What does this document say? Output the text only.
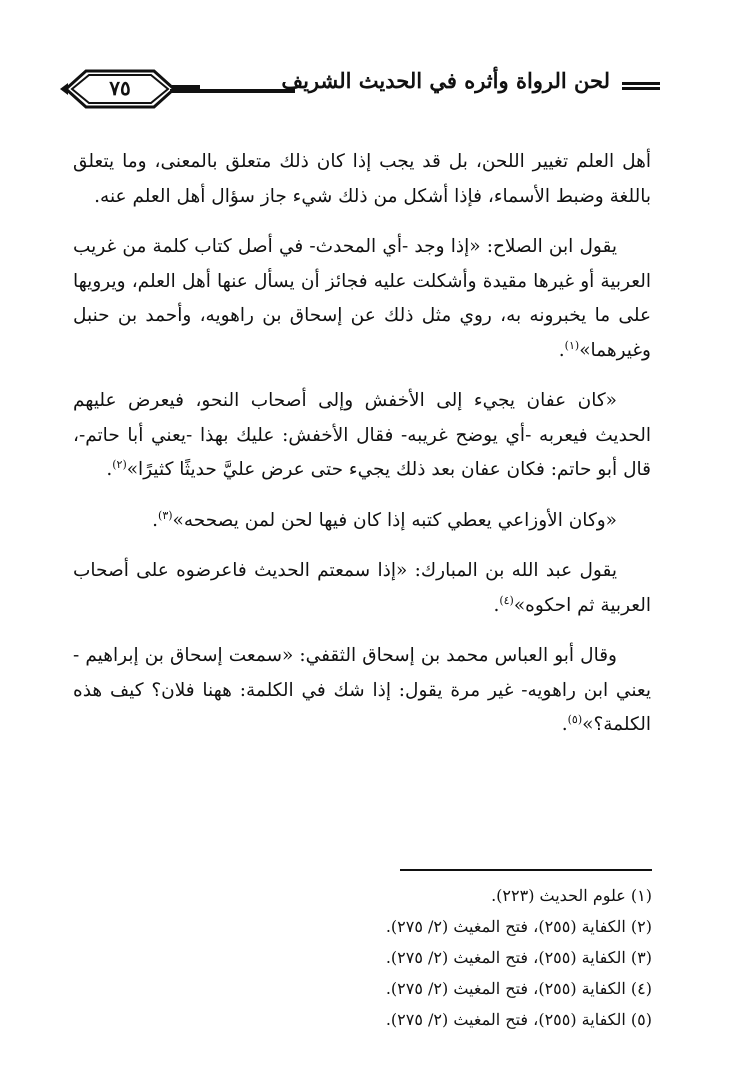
٧٥	لحن الرواة وأثره في الحديث الشريف

أهل العلم تغيير اللحن، بل قد يجب إذا كان ذلك متعلق بالمعنى، وما يتعلق باللغة وضبط الأسماء، فإذا أشكل من ذلك شيء جاز سؤال أهل العلم عنه.

يقول ابن الصلاح: «إذا وجد -أي المحدث- في أصل كتاب كلمة من غريب العربية أو غيرها مقيدة وأشكلت عليه فجائز أن يسأل عنها أهل العلم، ويرويها على ما يخبرونه به، روي مثل ذلك عن إسحاق بن راهويه، وأحمد بن حنبل وغيرهما»$^{(١)}$.

«كان عفان يجيء إلى الأخفش وإلى أصحاب النحو، فيعرض عليهم الحديث فيعربه -أي يوضح غريبه- فقال الأخفش: عليك بهذا -يعني أبا حاتم-، قال أبو حاتم: فكان عفان بعد ذلك يجيء حتى عرض عليَّ حديثًا كثيرًا»$^{(٢)}$.

«وكان الأوزاعي يعطي كتبه إذا كان فيها لحن لمن يصححه»$^{(٣)}$.

يقول عبد الله بن المبارك: «إذا سمعتم الحديث فاعرضوه على أصحاب العربية ثم احكوه»$^{(٤)}$.

وقال أبو العباس محمد بن إسحاق الثقفي: «سمعت إسحاق بن إبراهيم - يعني ابن راهويه- غير مرة يقول: إذا شك في الكلمة: ههنا فلان؟ كيف هذه الكلمة؟»$^{(٥)}$.

(١) علوم الحديث (٢٢٣).
(٢) الكفاية (٢٥٥)، فتح المغيث (٢/ ٢٧٥).
(٣) الكفاية (٢٥٥)، فتح المغيث (٢/ ٢٧٥).
(٤) الكفاية (٢٥٥)، فتح المغيث (٢/ ٢٧٥).
(٥) الكفاية (٢٥٥)، فتح المغيث (٢/ ٢٧٥).
